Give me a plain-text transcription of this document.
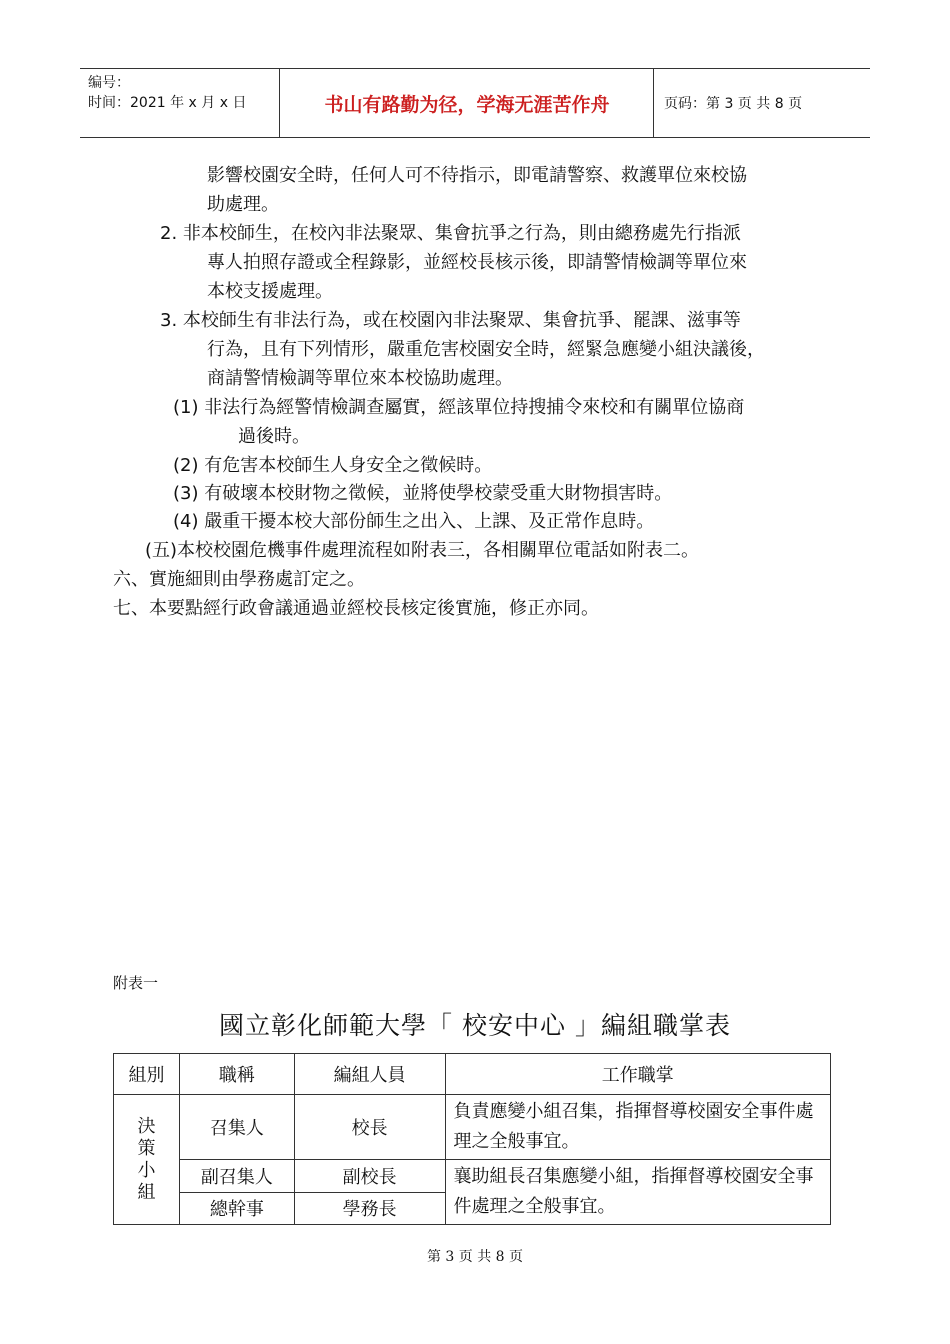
编号：
时间：2021 年 x 月 x 日	书山有路勤为径，学海无涯苦作舟	页码：第 3 页 共 8 页
影響校園安全時，任何人可不待指示，即電請警察、救護單位來校協
助處理。
2. 非本校師生，在校內非法聚眾、集會抗爭之行為，則由總務處先行指派
專人拍照存證或全程錄影，並經校長核示後，即請警情檢調等單位來
本校支援處理。
3. 本校師生有非法行為，或在校園內非法聚眾、集會抗爭、罷課、滋事等
行為，且有下列情形，嚴重危害校園安全時，經緊急應變小組決議後，
商請警情檢調等單位來本校協助處理。
(1) 非法行為經警情檢調查屬實，經該單位持搜捕令來校和有關單位協商
過後時。
(2) 有危害本校師生人身安全之徵候時。
(3) 有破壞本校財物之徵候，並將使學校蒙受重大財物損害時。
(4) 嚴重干擾本校大部份師生之出入、上課、及正常作息時。
(五)本校校園危機事件處理流程如附表三，各相關單位電話如附表二。
六、實施細則由學務處訂定之。
七、本要點經行政會議通過並經校長核定後實施，修正亦同。
附表一
國立彰化師範大學「 校安中心 」編組職掌表
組別	職稱	編組人員	工作職掌

決
策
小
組	召集人	校長	負責應變小組召集，指揮督導校園安全事件處理之全般事宜。
	副召集人	副校長	襄助組長召集應變小組，指揮督導校園安全事件處理之全般事宜。
	總幹事	學務長	
第 3 页 共 8 页
